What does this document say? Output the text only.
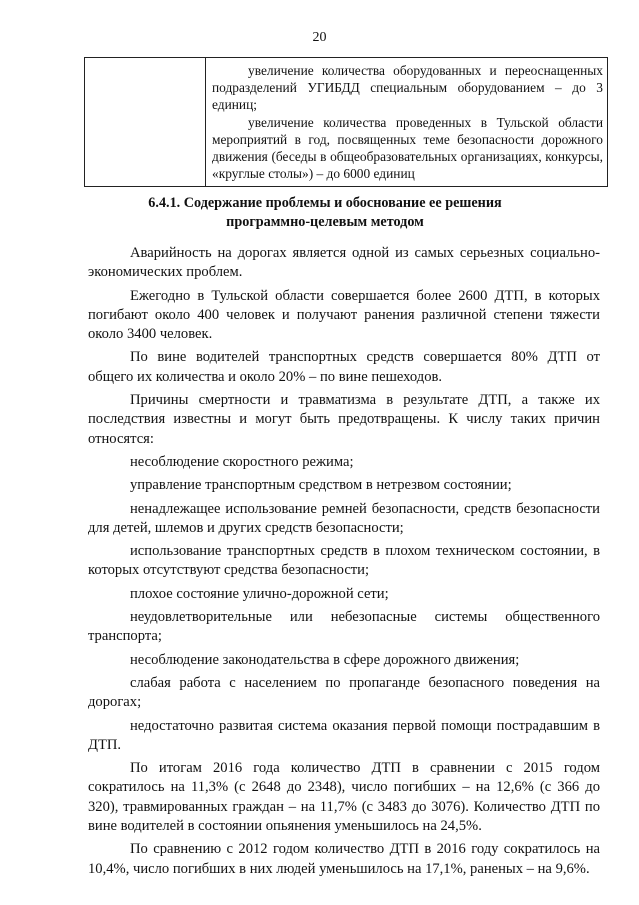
20

увеличение количества оборудованных и переоснащенных подразделений УГИБДД специальным оборудованием – до 3 единиц;

увеличение количества проведенных в Тульской области мероприятий в год, посвященных теме безопасности дорожного движения (беседы в общеобразовательных организациях, конкурсы, «круглые столы») – до 6000 единиц

6.4.1. Содержание проблемы и обоснование ее решения
программно-целевым методом

Аварийность на дорогах является одной из самых серьезных социально-экономических проблем.

Ежегодно в Тульской области совершается более 2600 ДТП, в которых погибают около 400 человек и получают ранения различной степени тяжести около 3400 человек.

По вине водителей транспортных средств совершается 80% ДТП от общего их количества и около 20% – по вине пешеходов.

Причины смертности и травматизма в результате ДТП, а также их последствия известны и могут быть предотвращены. К числу таких причин относятся:

несоблюдение скоростного режима;

управление транспортным средством в нетрезвом состоянии;

ненадлежащее использование ремней безопасности, средств безопасности для детей, шлемов и других средств безопасности;

использование транспортных средств в плохом техническом состоянии, в которых отсутствуют средства безопасности;

плохое состояние улично-дорожной сети;

неудовлетворительные или небезопасные системы общественного транспорта;

несоблюдение законодательства в сфере дорожного движения;

слабая работа с населением по пропаганде безопасного поведения на дорогах;

недостаточно развитая система оказания первой помощи пострадавшим в ДТП.

По итогам 2016 года количество ДТП в сравнении с 2015 годом сократилось на 11,3% (с 2648 до 2348), число погибших – на 12,6% (с 366 до 320), травмированных граждан – на 11,7% (с 3483 до 3076). Количество ДТП по вине водителей в состоянии опьянения уменьшилось на 24,5%.

По сравнению с 2012 годом количество ДТП в 2016 году сократилось на 10,4%, число погибших в них людей уменьшилось на 17,1%, раненых – на 9,6%.
